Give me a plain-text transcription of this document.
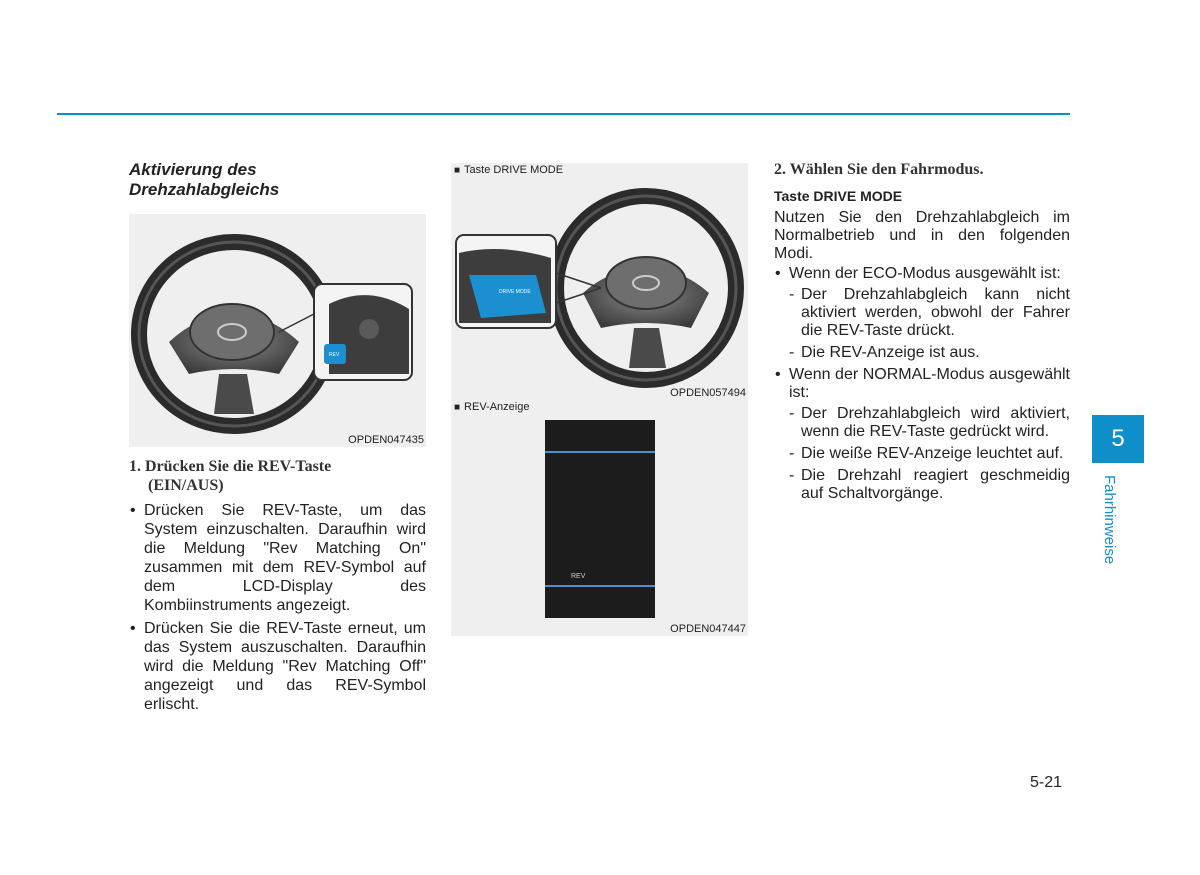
Aktivierung des
Drehzahlabgleichs
REV
OPDEN047435
1. Drücken Sie die REV-Taste
(EIN/AUS)
• Drücken Sie REV-Taste, um das System einzuschalten. Daraufhin wird die Meldung "Rev Matching On" zusammen mit dem REV-Symbol auf dem LCD-Display des Kombiinstruments angezeigt.
• Drücken Sie die REV-Taste erneut, um das System auszuschalten. Daraufhin wird die Meldung "Rev Matching Off" angezeigt und das REV-Symbol erlischt.
■ Taste DRIVE MODE
DRIVE MODE
OPDEN057494
■ REV-Anzeige
REV
OPDEN047447
2. Wählen Sie den Fahrmodus.
Taste DRIVE MODE
Nutzen Sie den Drehzahlabgleich im Normalbetrieb und in den folgenden Modi.
• Wenn der ECO-Modus ausgewählt ist:
- Der Drehzahlabgleich kann nicht aktiviert werden, obwohl der Fahrer die REV-Taste drückt.
- Die REV-Anzeige ist aus.
• Wenn der NORMAL-Modus ausgewählt ist:
- Der Drehzahlabgleich wird aktiviert, wenn die REV-Taste gedrückt wird.
- Die weiße REV-Anzeige leuchtet auf.
- Die Drehzahl reagiert geschmeidig auf Schaltvorgänge.
5
Fahrhinweise
5-21
